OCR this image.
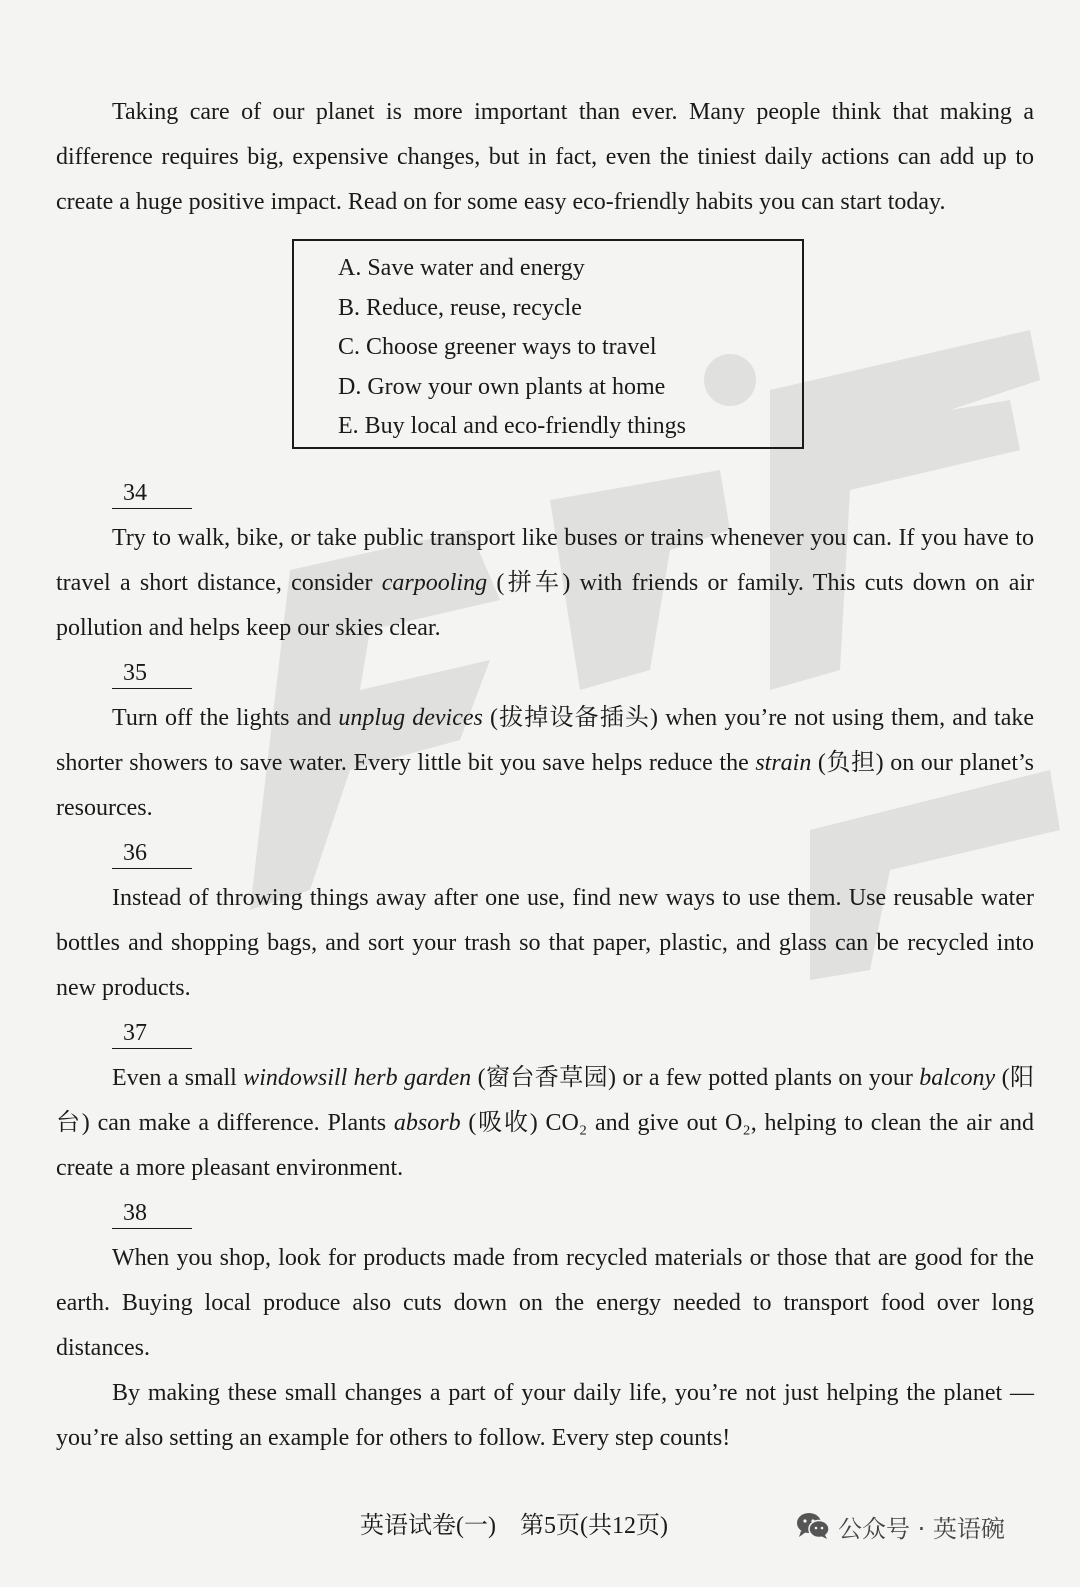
Taking care of our planet is more important than ever. Many people think that making a difference requires big, expensive changes, but in fact, even the tiniest daily actions can add up to create a huge positive impact. Read on for some easy eco-friendly habits you can start today.

A. Save water and energy
B. Reduce, reuse, recycle
C. Choose greener ways to travel
D. Grow your own plants at home
E. Buy local and eco-friendly things
34

Try to walk, bike, or take public transport like buses or trains whenever you can. If you have to travel a short distance, consider carpooling (拼车) with friends or family. This cuts down on air pollution and helps keep our skies clear.

35

Turn off the lights and unplug devices (拔掉设备插头) when you’re not using them, and take shorter showers to save water. Every little bit you save helps reduce the strain (负担) on our planet’s resources.

36

Instead of throwing things away after one use, find new ways to use them. Use reusable water bottles and shopping bags, and sort your trash so that paper, plastic, and glass can be recycled into new products.

37

Even a small windowsill herb garden (窗台香草园) or a few potted plants on your balcony (阳台) can make a difference. Plants absorb (吸收) CO₂ and give out O₂, helping to clean the air and create a more pleasant environment.

38

When you shop, look for products made from recycled materials or those that are good for the earth. Buying local produce also cuts down on the energy needed to transport food over long distances.

By making these small changes a part of your daily life, you’re not just helping the planet — you’re also setting an example for others to follow. Every step counts!

英语试卷(一)　第5页(共12页)	公众号 · 英语碗
